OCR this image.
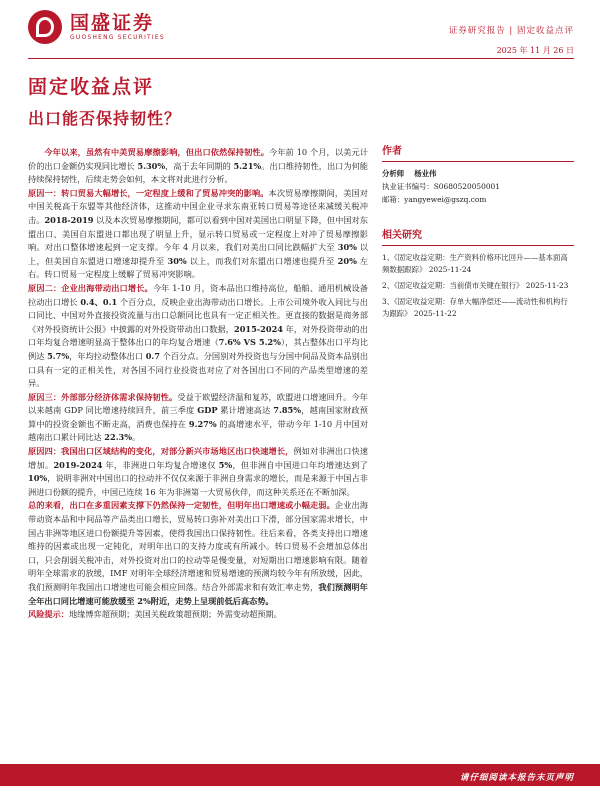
国盛证券
GUOSHENG SECURITIES
证券研究报告 | 固定收益点评
2025 年 11 月 26 日
固定收益点评
出口能否保持韧性？

今年以来，虽然有中美贸易摩擦影响，但出口依然保持韧性。今年前 10 个月，以美元计价的出口金额仍实现同比增长 5.30%，高于去年同期的 5.21%。出口维持韧性，出口为何能持续保持韧性，后续走势会如何，本文将对此进行分析。

原因一：转口贸易大幅增长，一定程度上缓和了贸易冲突的影响。本次贸易摩擦期间，美国对中国关税高于东盟等其他经济体，这推动中国企业寻求东南亚转口贸易等途径来减缓关税冲击。2018-2019 以及本次贸易摩擦期间，都可以看到中国对美国出口明显下降，但中国对东盟出口、美国自东盟进口都出现了明显上升，显示转口贸易或一定程度上对冲了贸易摩擦影响。对出口整体增速起到一定支撑。今年 4 月以来，我们对美出口同比跌幅扩大至 30% 以上，但美国自东盟进口增速却提升至 30% 以上，而我们对东盟出口增速也提升至 20% 左右。转口贸易一定程度上缓解了贸易冲突影响。

原因二：企业出海带动出口增长。今年 1-10 月，资本品出口维持高位，船舶、通用机械设备拉动出口增长 0.4、0.1 个百分点，反映企业出海带动出口增长。上市公司境外收入同比与出口同比、中国对外直接投资流量与出口总额同比也具有一定正相关性。更直接的数据是商务部《对外投资统计公报》中披露的对外投资带动出口数据，2015-2024 年，对外投资带动的出口年均复合增速明显高于整体出口的年均复合增速（7.6% VS 5.2%），其占整体出口平均比例达 5.7%，年均拉动整体出口 0.7 个百分点。分国别对外投资也与分国中间品及资本品别出口具有一定的正相关性，对各国不同行业投资也对应了对各国出口不同的产品类型增速的差异。

原因三：外部部分经济体需求保持韧性。受益于欧盟经济温和复苏，欧盟进口增速回升。今年以来越南 GDP 同比增速持续回升，前三季度 GDP 累计增速高达 7.85%，越南国家财政预算中的投资金额也不断走高，消费也保持在 9.27% 的高增速水平，带动今年 1-10 月中国对越南出口累计同比达 22.3%。

原因四：我国出口区域结构的变化，对部分新兴市场地区出口快速增长，例如对非洲出口快速增加。2019-2024 年，非洲进口年均复合增速仅 5%，但非洲自中国进口年均增速达到了 10%，说明非洲对中国出口的拉动并不仅仅来源于非洲自身需求的增长，而是来源于中国占非洲进口份额的提升，中国已连续 16 年为非洲第一大贸易伙伴，而这种关系还在不断加深。

总的来看，出口在多重因素支撑下仍然保持一定韧性，但明年出口增速或小幅走弱。企业出海带动资本品和中间品等产品类出口增长，贸易转口弥补对美出口下滑，部分国家需求增长，中国占非洲等地区进口份额提升等因素，使得我国出口保持韧性。往后来看，各类支持出口增速维持的因素或出现一定钝化，对明年出口的支持力度或有所减小。转口贸易不会增加总体出口，只会削弱关税冲击，对外投资对出口的拉动等是慢变量，对短期出口增速影响有限。随着明年全球需求的放缓，IMF 对明年全球经济增速和贸易增速的预测均较今年有所放缓，因此，我们预测明年我国出口增速也可能会相应回落。结合外部需求和有效汇率走势，我们预测明年全年出口同比增速可能放缓至 2%附近，走势上呈现前低后高态势。

风险提示：地缘博弈超预期；美国关税政策超预期；外需变动超预期。

作者
分析师 杨业伟
执业证书编号：S0680520050001
邮箱：yangyewei@gszq.com
相关研究
1、《固定收益定期：生产资料价格环比回升——基本面高频数据跟踪》 2025-11-24
2、《固定收益定期：当前债市关键在银行》 2025-11-23
3、《固定收益定期：存单大幅净偿还——流动性和机构行为跟踪》 2025-11-22
请仔细阅读本报告末页声明
